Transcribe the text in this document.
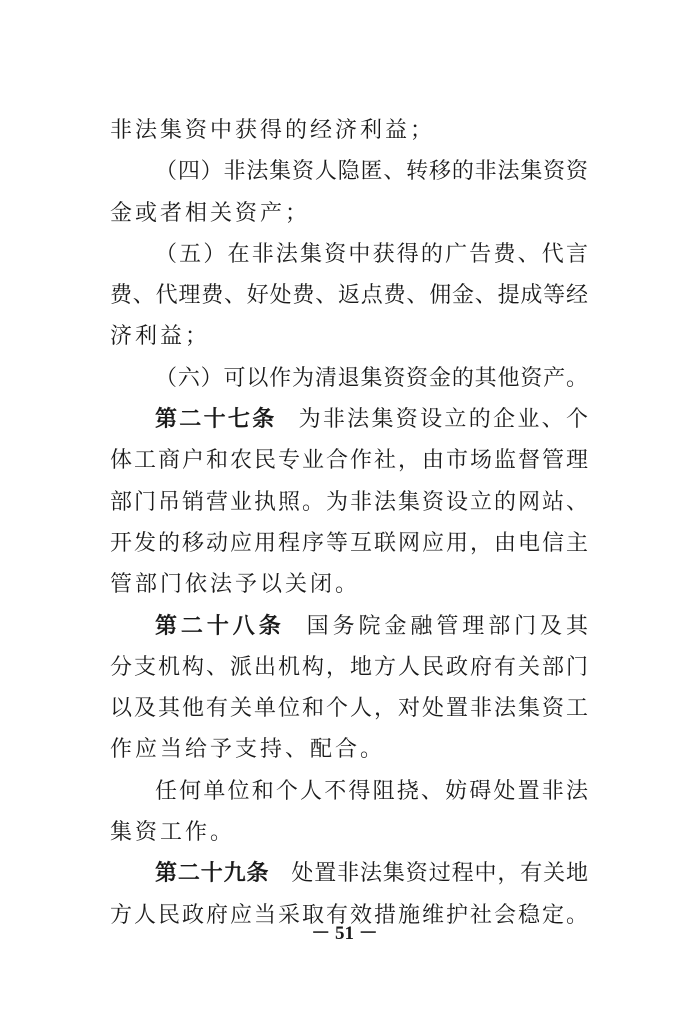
非法集资中获得的经济利益；
（四）非法集资人隐匿、转移的非法集资资
金或者相关资产；
（五）在非法集资中获得的广告费、代言
费、代理费、好处费、返点费、佣金、提成等经
济利益；
（六）可以作为清退集资资金的其他资产。
第二十七条 为非法集资设立的企业、个
体工商户和农民专业合作社，由市场监督管理
部门吊销营业执照。为非法集资设立的网站、
开发的移动应用程序等互联网应用，由电信主
管部门依法予以关闭。
第二十八条 国务院金融管理部门及其
分支机构、派出机构，地方人民政府有关部门
以及其他有关单位和个人，对处置非法集资工
作应当给予支持、配合。
任何单位和个人不得阻挠、妨碍处置非法
集资工作。
第二十九条 处置非法集资过程中，有关地
方人民政府应当采取有效措施维护社会稳定。
－ 51 －
